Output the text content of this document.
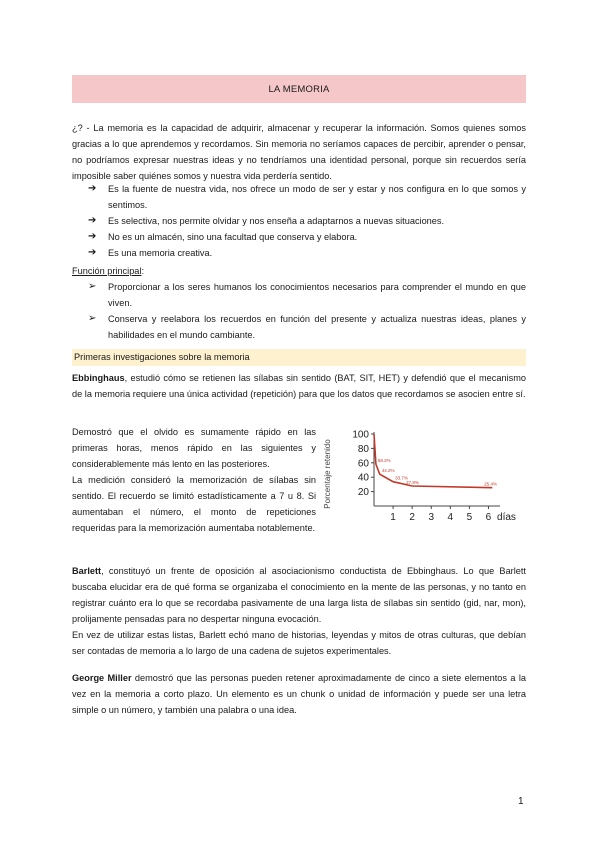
LA MEMORIA
¿? - La memoria es la capacidad de adquirir, almacenar y recuperar la información. Somos quienes somos gracias a lo que aprendemos y recordamos. Sin memoria no seríamos capaces de percibir, aprender o pensar, no podríamos expresar nuestras ideas y no tendríamos una identidad personal, porque sin recuerdos sería imposible saber quiénes somos y nuestra vida perdería sentido.
➔ Es la fuente de nuestra vida, nos ofrece un modo de ser y estar y nos configura en lo que somos y sentimos.
➔ Es selectiva, nos permite olvidar y nos enseña a adaptarnos a nuevas situaciones.
➔ No es un almacén, sino una facultad que conserva y elabora.
➔ Es una memoria creativa.
Función principal:
➢ Proporcionar a los seres humanos los conocimientos necesarios para comprender el mundo en que viven.
➢ Conserva y reelabora los recuerdos en función del presente y actualiza nuestras ideas, planes y habilidades en el mundo cambiante.
Primeras investigaciones sobre la memoria
Ebbinghaus, estudió cómo se retienen las sílabas sin sentido (BAT, SIT, HET) y defendió que el mecanismo de la memoria requiere una única actividad (repetición) para que los datos que recordamos se asocien entre sí.
Demostró que el olvido es sumamente rápido en las primeras horas, menos rápido en las siguientes y considerablemente más lento en las posteriores.
La medición consideró la memorización de sílabas sin sentido. El recuerdo se limitó estadísticamente a 7 u 8. Si aumentaban el número, el monto de repeticiones requeridas para la memorización aumentaba notablemente.
100
80
60
40
20
1 2 3 4 5 6 días
Porcentaje retenido	58.2%
44.2%
33.7%
27.8%	25.4%
Barlett, constituyó un frente de oposición al asociacionismo conductista de Ebbinghaus. Lo que Barlett buscaba elucidar era de qué forma se organizaba el conocimiento en la mente de las personas, y no tanto en registrar cuánto era lo que se recordaba pasivamente de una larga lista de sílabas sin sentido (gid, nar, mon), prolijamente pensadas para no despertar ninguna evocación.
En vez de utilizar estas listas, Barlett echó mano de historias, leyendas y mitos de otras culturas, que debían ser contadas de memoria a lo largo de una cadena de sujetos experimentales.
George Miller demostró que las personas pueden retener aproximadamente de cinco a siete elementos a la vez en la memoria a corto plazo. Un elemento es un chunk o unidad de información y puede ser una letra simple o un número, y también una palabra o una idea.
1
